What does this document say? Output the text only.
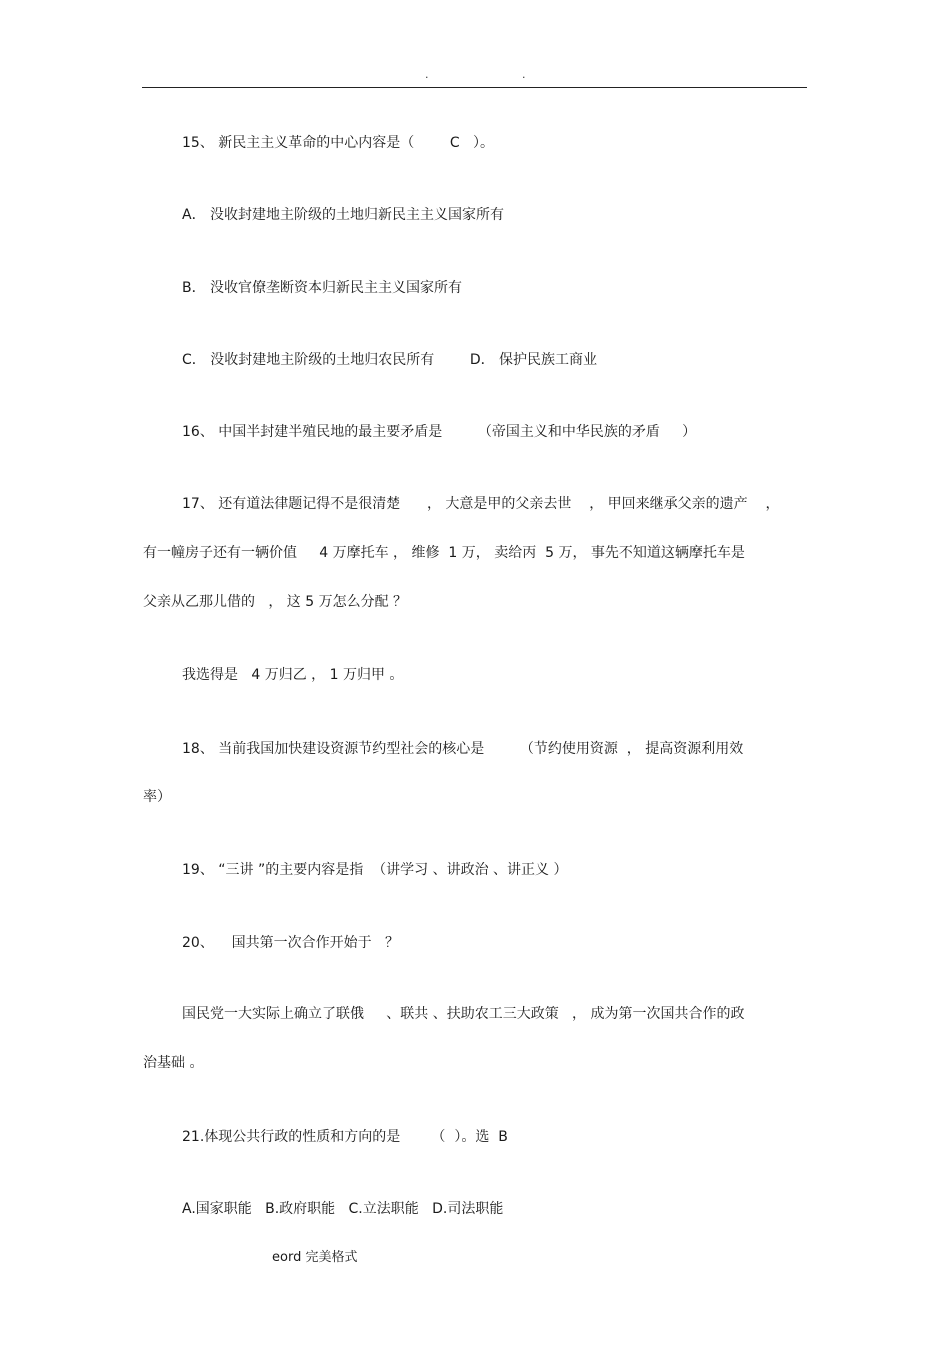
.	.
15、 新民主主义革命的中心内容是（        C   ）。
A． 没收封建地主阶级的土地归新民主主义国家所有
B． 没收官僚垄断资本归新民主主义国家所有
C． 没收封建地主阶级的土地归农民所有        D． 保护民族工商业
16、 中国半封建半殖民地的最主要矛盾是        （帝国主义和中华民族的矛盾     ）
17、 还有道法律题记得不是很清楚      ， 大意是甲的父亲去世    ， 甲回来继承父亲的遗产    ，
有一幢房子还有一辆价值     4 万摩托车 ， 维修  1 万， 卖给丙  5 万， 事先不知道这辆摩托车是
父亲从乙那儿借的   ， 这 5 万怎么分配 ？
我选得是   4 万归乙 ， 1 万归甲 。
18、 当前我国加快建设资源节约型社会的核心是        （节约使用资源  ， 提高资源利用效
率）
19、 “三讲 ”的主要内容是指  （讲学习 、讲政治 、讲正义 ）
20、    国共第一次合作开始于   ？
国民党一大实际上确立了联俄     、联共 、扶助农工三大政策   ， 成为第一次国共合作的政
治基础 。
21.体现公共行政的性质和方向的是       （  ）。选  B
A.国家职能   B.政府职能   C.立法职能   D.司法职能
eord 完美格式
